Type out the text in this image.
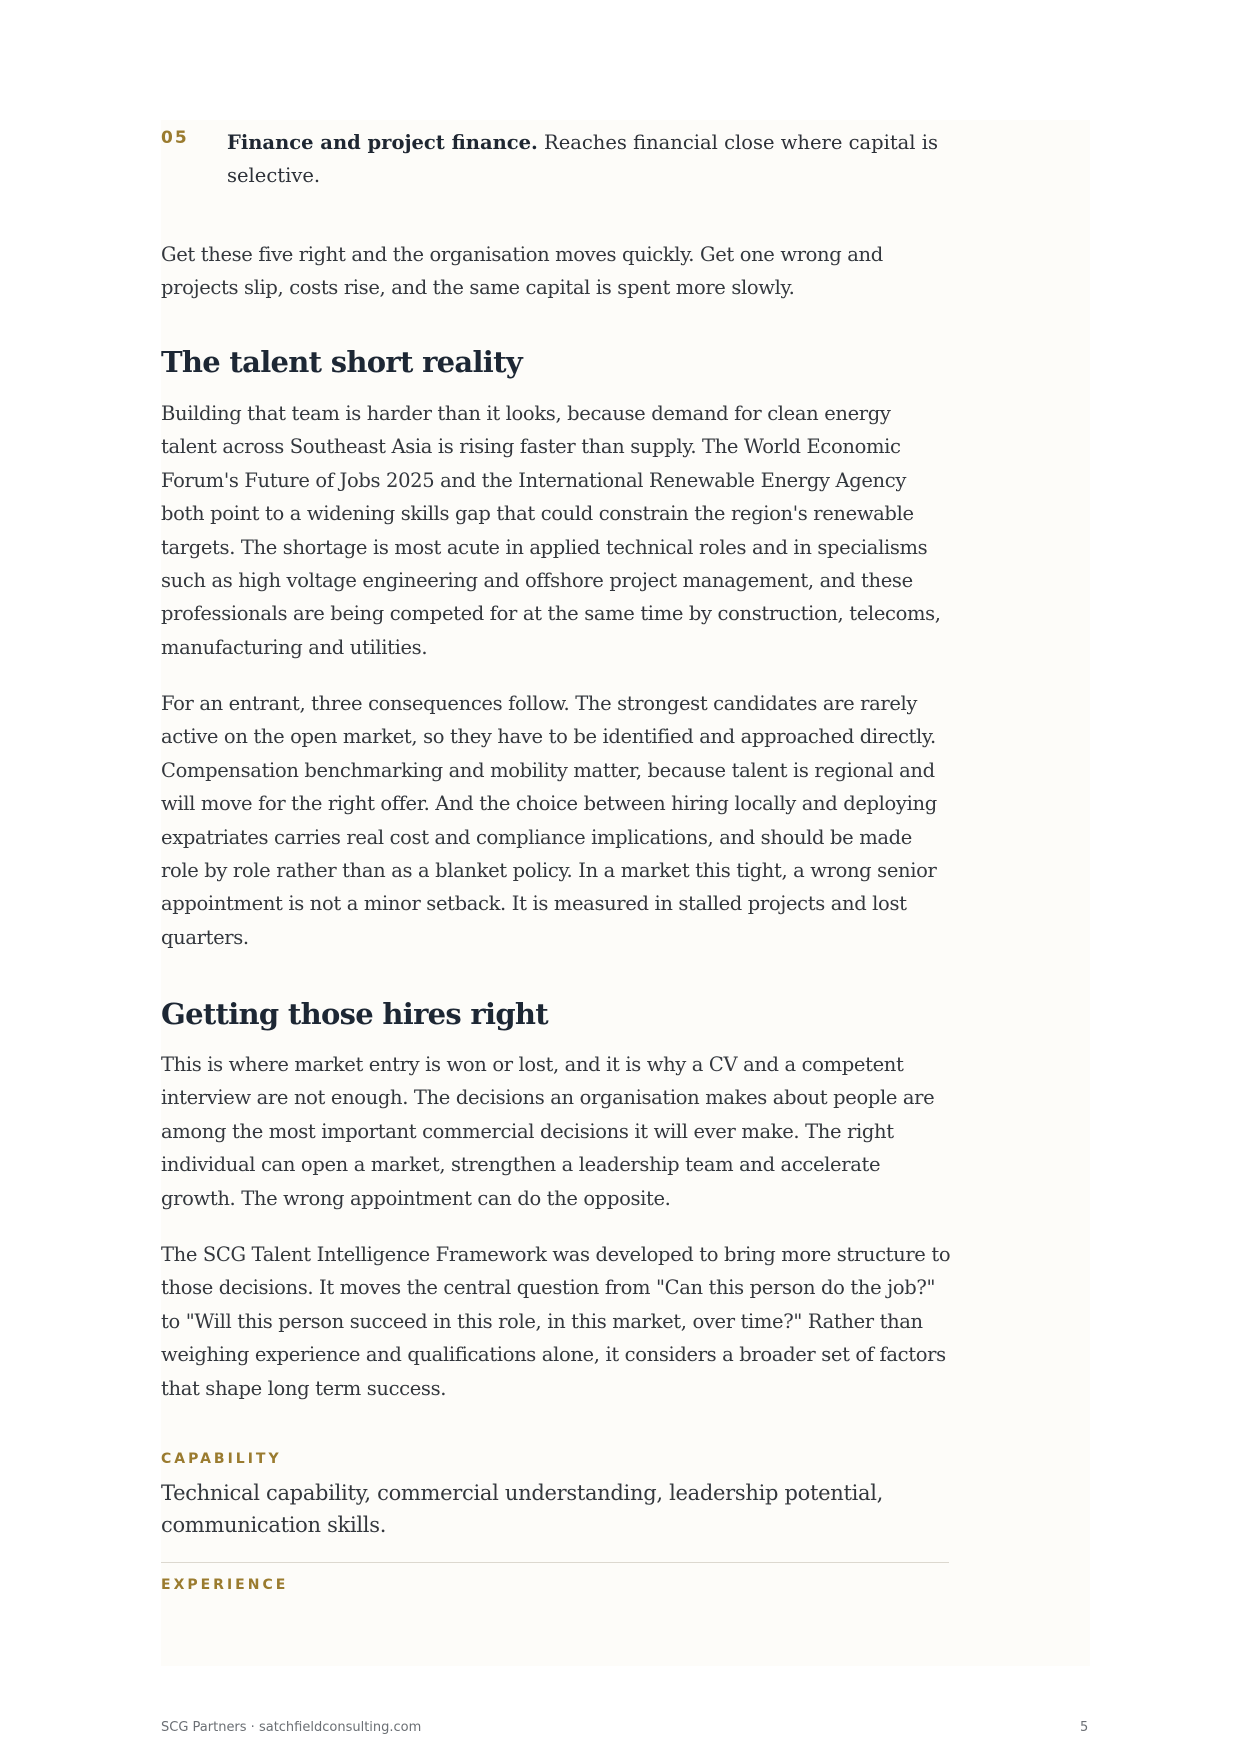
05 Finance and project finance. Reaches financial close where capital is selective.

Get these five right and the organisation moves quickly. Get one wrong and projects slip, costs rise, and the same capital is spent more slowly.

The talent short reality

Building that team is harder than it looks, because demand for clean energy talent across Southeast Asia is rising faster than supply. The World Economic Forum's Future of Jobs 2025 and the International Renewable Energy Agency both point to a widening skills gap that could constrain the region's renewable targets. The shortage is most acute in applied technical roles and in specialisms such as high voltage engineering and offshore project management, and these professionals are being competed for at the same time by construction, telecoms, manufacturing and utilities.

For an entrant, three consequences follow. The strongest candidates are rarely active on the open market, so they have to be identified and approached directly. Compensation benchmarking and mobility matter, because talent is regional and will move for the right offer. And the choice between hiring locally and deploying expatriates carries real cost and compliance implications, and should be made role by role rather than as a blanket policy. In a market this tight, a wrong senior appointment is not a minor setback. It is measured in stalled projects and lost quarters.

Getting those hires right

This is where market entry is won or lost, and it is why a CV and a competent interview are not enough. The decisions an organisation makes about people are among the most important commercial decisions it will ever make. The right individual can open a market, strengthen a leadership team and accelerate growth. The wrong appointment can do the opposite.

The SCG Talent Intelligence Framework was developed to bring more structure to those decisions. It moves the central question from "Can this person do the job?" to "Will this person succeed in this role, in this market, over time?" Rather than weighing experience and qualifications alone, it considers a broader set of factors that shape long term success.

CAPABILITY
Technical capability, commercial understanding, leadership potential, communication skills.
EXPERIENCE
SCG Partners · satchfieldconsulting.com	5
